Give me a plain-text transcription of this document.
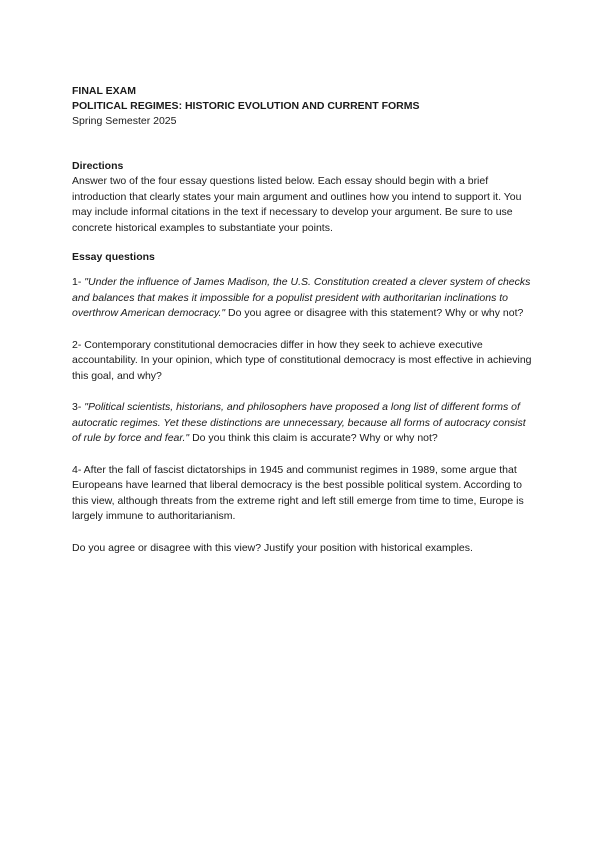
FINAL EXAM
POLITICAL REGIMES: HISTORIC EVOLUTION AND CURRENT FORMS
Spring Semester 2025
Directions

Answer two of the four essay questions listed below. Each essay should begin with a brief introduction that clearly states your main argument and outlines how you intend to support it. You may include informal citations in the text if necessary to develop your argument. Be sure to use concrete historical examples to substantiate your points.

Essay questions

1- "Under the influence of James Madison, the U.S. Constitution created a clever system of checks and balances that makes it impossible for a populist president with authoritarian inclinations to overthrow American democracy." Do you agree or disagree with this statement? Why or why not?

2- Contemporary constitutional democracies differ in how they seek to achieve executive accountability. In your opinion, which type of constitutional democracy is most effective in achieving this goal, and why?

3- "Political scientists, historians, and philosophers have proposed a long list of different forms of autocratic regimes. Yet these distinctions are unnecessary, because all forms of autocracy consist of rule by force and fear." Do you think this claim is accurate? Why or why not?

4- After the fall of fascist dictatorships in 1945 and communist regimes in 1989, some argue that Europeans have learned that liberal democracy is the best possible political system. According to this view, although threats from the extreme right and left still emerge from time to time, Europe is largely immune to authoritarianism.

Do you agree or disagree with this view? Justify your position with historical examples.
